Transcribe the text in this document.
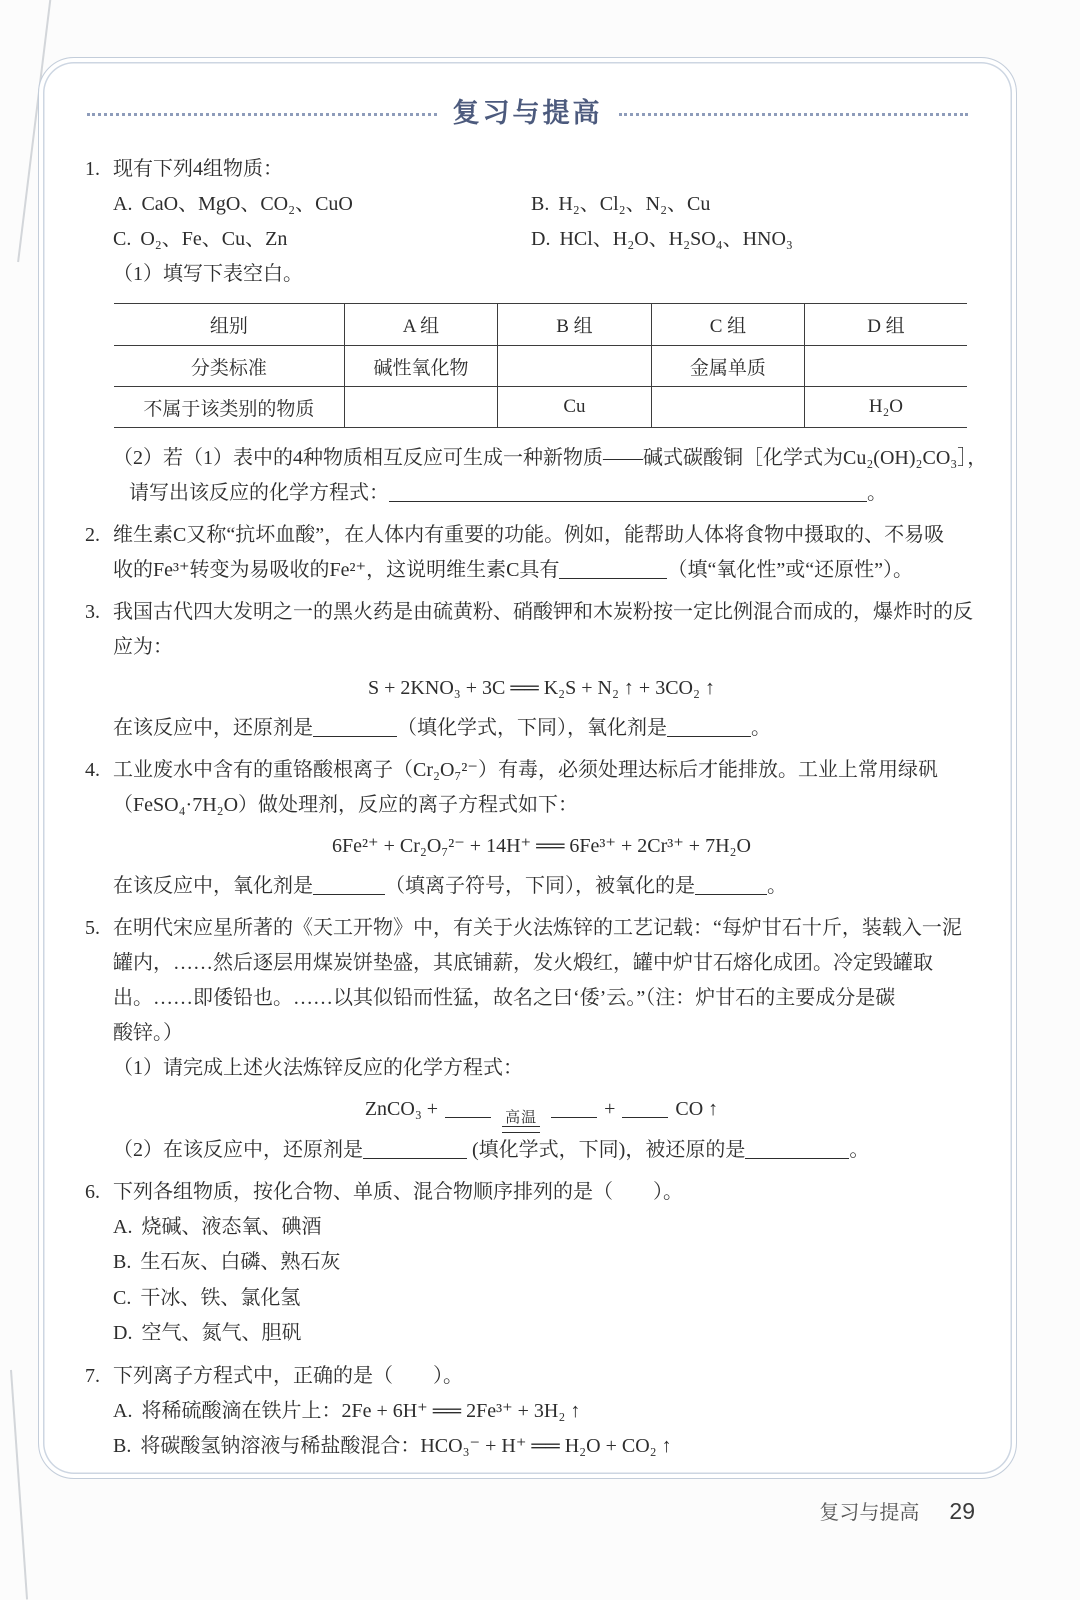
复习与提高
1. 现有下列4组物质：
A. CaO、MgO、CO₂、CuO	B. H₂、Cl₂、N₂、Cu
C. O₂、Fe、Cu、Zn	D. HCl、H₂O、H₂SO₄、HNO₃
（1）填写下表空白。
组别	A 组	B 组	C 组	D 组
分类标准	碱性氧化物		金属单质	
不属于该类别的物质		Cu		H₂O
（2）若（1）表中的4种物质相互反应可生成一种新物质——碱式碳酸铜［化学式为Cu₂(OH)₂CO₃］，
请写出该反应的化学方程式：	。
2. 维生素C又称“抗坏血酸”，在人体内有重要的功能。例如，能帮助人体将食物中摄取的、不易吸
收的Fe³⁺转变为易吸收的Fe²⁺，这说明维生素C具有	（填“氧化性”或“还原性”）。
3. 我国古代四大发明之一的黑火药是由硫黄粉、硝酸钾和木炭粉按一定比例混合而成的，爆炸时的反
应为：
S + 2KNO₃ + 3C ══ K₂S + N₂ ↑ + 3CO₂ ↑
在该反应中，还原剂是	（填化学式，下同），氧化剂是	。
4. 工业废水中含有的重铬酸根离子（Cr₂O₇²⁻）有毒，必须处理达标后才能排放。工业上常用绿矾
（FeSO₄·7H₂O）做处理剂，反应的离子方程式如下：
6Fe²⁺ + Cr₂O₇²⁻ + 14H⁺ ══ 6Fe³⁺ + 2Cr³⁺ + 7H₂O
在该反应中，氧化剂是	（填离子符号，下同），被氧化的是	。
5. 在明代宋应星所著的《天工开物》中，有关于火法炼锌的工艺记载：“每炉甘石十斤，装载入一泥
罐内，……然后逐层用煤炭饼垫盛，其底铺薪，发火煅红，罐中炉甘石熔化成团。冷定毁罐取
出。……即倭铅也。……以其似铅而性猛，故名之曰‘倭’云。”（注：炉甘石的主要成分是碳
酸锌。）
（1）请完成上述火法炼锌反应的化学方程式：
ZnCO₃ +	高温	+	CO ↑
（2）在该反应中，还原剂是	(填化学式，下同)，被还原的是	。
6. 下列各组物质，按化合物、单质、混合物顺序排列的是（　　）。
A. 烧碱、液态氧、碘酒
B. 生石灰、白磷、熟石灰
C. 干冰、铁、氯化氢
D. 空气、氮气、胆矾
7. 下列离子方程式中，正确的是（　　）。
A. 将稀硫酸滴在铁片上：2Fe + 6H⁺ ══ 2Fe³⁺ + 3H₂ ↑
B. 将碳酸氢钠溶液与稀盐酸混合：HCO₃⁻ + H⁺ ══ H₂O + CO₂ ↑
复习与提高 29
